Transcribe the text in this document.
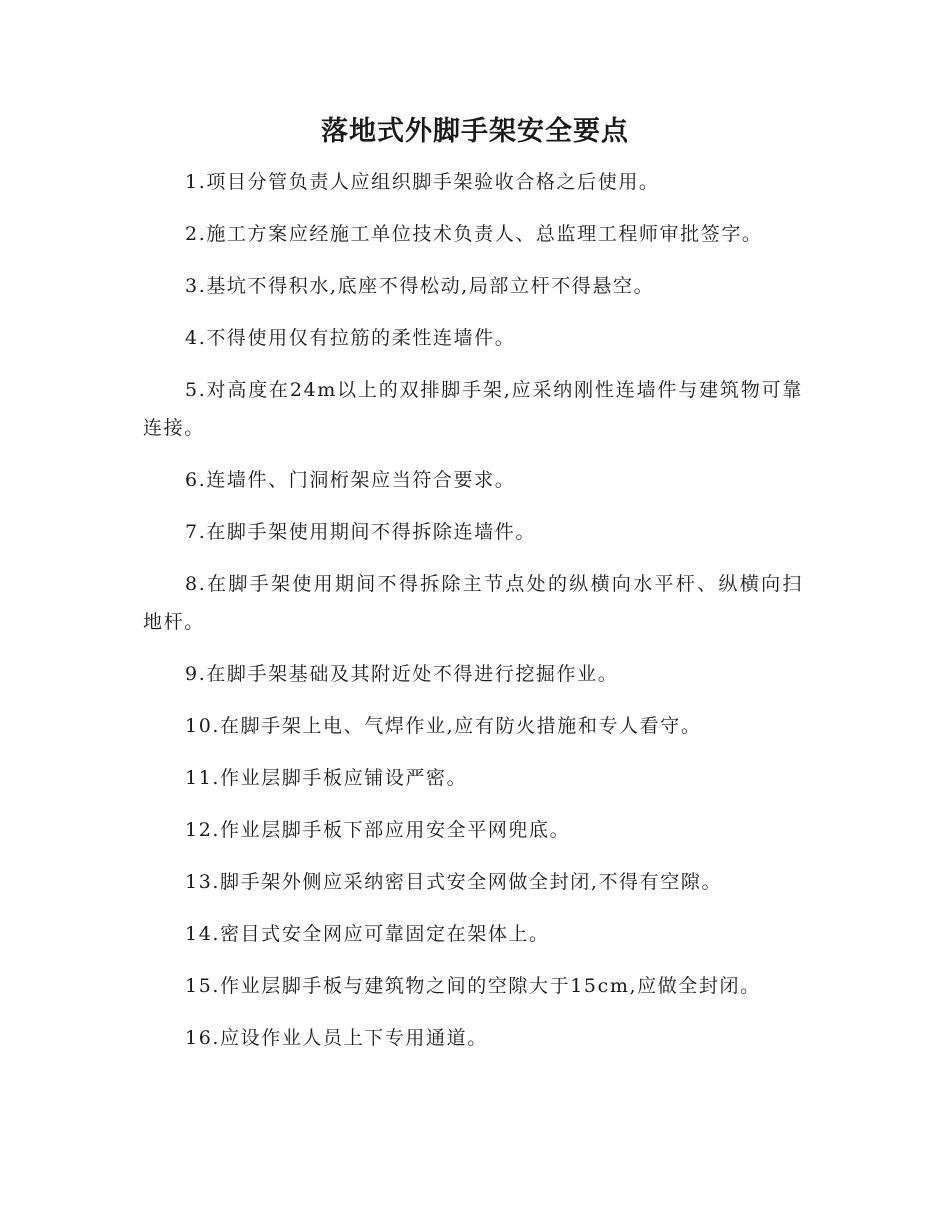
落地式外脚手架安全要点

1.项目分管负责人应组织脚手架验收合格之后使用。

2.施工方案应经施工单位技术负责人、总监理工程师审批签字。

3.基坑不得积水,底座不得松动,局部立杆不得悬空。

4.不得使用仅有拉筋的柔性连墙件。

5.对高度在24m以上的双排脚手架,应采纳刚性连墙件与建筑物可靠连接。

6.连墙件、门洞桁架应当符合要求。

7.在脚手架使用期间不得拆除连墙件。

8.在脚手架使用期间不得拆除主节点处的纵横向水平杆、纵横向扫地杆。

9.在脚手架基础及其附近处不得进行挖掘作业。

10.在脚手架上电、气焊作业,应有防火措施和专人看守。

11.作业层脚手板应铺设严密。

12.作业层脚手板下部应用安全平网兜底。

13.脚手架外侧应采纳密目式安全网做全封闭,不得有空隙。

14.密目式安全网应可靠固定在架体上。

15.作业层脚手板与建筑物之间的空隙大于15cm,应做全封闭。

16.应设作业人员上下专用通道。
